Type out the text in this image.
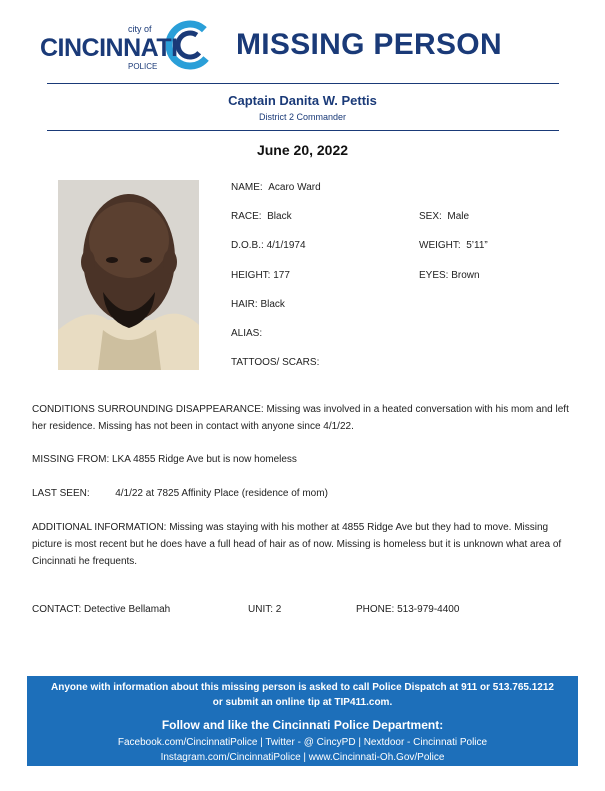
city of
CINCINNATI
POLICE
MISSING PERSON
Captain Danita W. Pettis
District 2 Commander
June 20, 2022
NAME: Acaro Ward
RACE: Black	SEX: Male
D.O.B.: 4/1/1974	WEIGHT: 5’11”
HEIGHT: 177	EYES: Brown
HAIR: Black
ALIAS:
TATTOOS/ SCARS:
CONDITIONS SURROUNDING DISAPPEARANCE: Missing was involved in a heated conversation with his mom and left her residence. Missing has not been in contact with anyone since 4/1/22.
MISSING FROM: LKA 4855 Ridge Ave but is now homeless
LAST SEEN:	4/1/22 at 7825 Affinity Place (residence of mom)
ADDITIONAL INFORMATION: Missing was staying with his mother at 4855 Ridge Ave but they had to move. Missing picture is most recent but he does have a full head of hair as of now. Missing is homeless but it is unknown what area of Cincinnati he frequents.
CONTACT: Detective Bellamah	UNIT: 2	PHONE: 513-979-4400
Anyone with information about this missing person is asked to call Police Dispatch at 911 or 513.765.1212
or submit an online tip at TIP411.com.
Follow and like the Cincinnati Police Department:
Facebook.com/CincinnatiPolice | Twitter - @ CincyPD | Nextdoor - Cincinnati Police
Instagram.com/CincinnatiPolice | www.Cincinnati-Oh.Gov/Police
